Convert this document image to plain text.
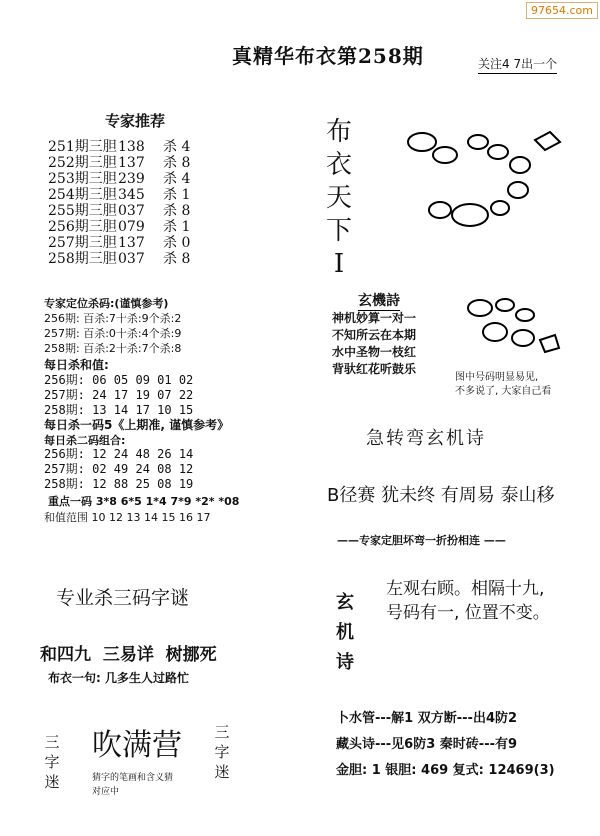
97654.com
真精华布衣第258期	关注4 7出一个
专家推荐
251期三胆138 杀 4
252期三胆137 杀 8
253期三胆239 杀 4
254期三胆345 杀 1
255期三胆037 杀 8
256期三胆079 杀 1
257期三胆137 杀 0
258期三胆037 杀 8
专家定位杀码:(谨慎参考)
256期: 百杀:7十杀:9个杀:2
257期: 百杀:0十杀:4个杀:9
258期: 百杀:2十杀:7个杀:8
每日杀和值:
256期: 06 05 09 01 02
257期: 24 17 19 07 22
258期: 13 14 17 10 15
每日杀一码5《上期准, 谨慎参考》
每日杀二码组合:
256期: 12 24 48 26 14
257期: 02 49 24 08 12
258期: 12 88 25 08 19
重点一码 3*8 6*5 1*4 7*9 *2* *08
和值范围 10 12 13 14 15 16 17
专业杀三码字谜
和四九  三易详  树挪死
布衣一句: 几多生人过路忙
三
字
迷
吹满营
猜字的笔画和含义猜
对应中
三
字
迷
布
衣
天
下
I
玄機詩
神机妙算一对一
不知所云在本期
水中圣物一枝红
背驮红花听鼓乐
图中号码明显易见,
不多说了, 大家自己看
急转弯玄机诗
B径赛 犹未终 有周易 泰山移
——专家定胆坏弯一折扮相连 ——
玄
机
诗
左观右顾。相隔十九,
号码有一, 位置不变。
卜水管---解1 双方断---出4防2
藏头诗---见6防3 秦时砖---有9
金胆: 1 银胆: 469 复式: 12469(3)
